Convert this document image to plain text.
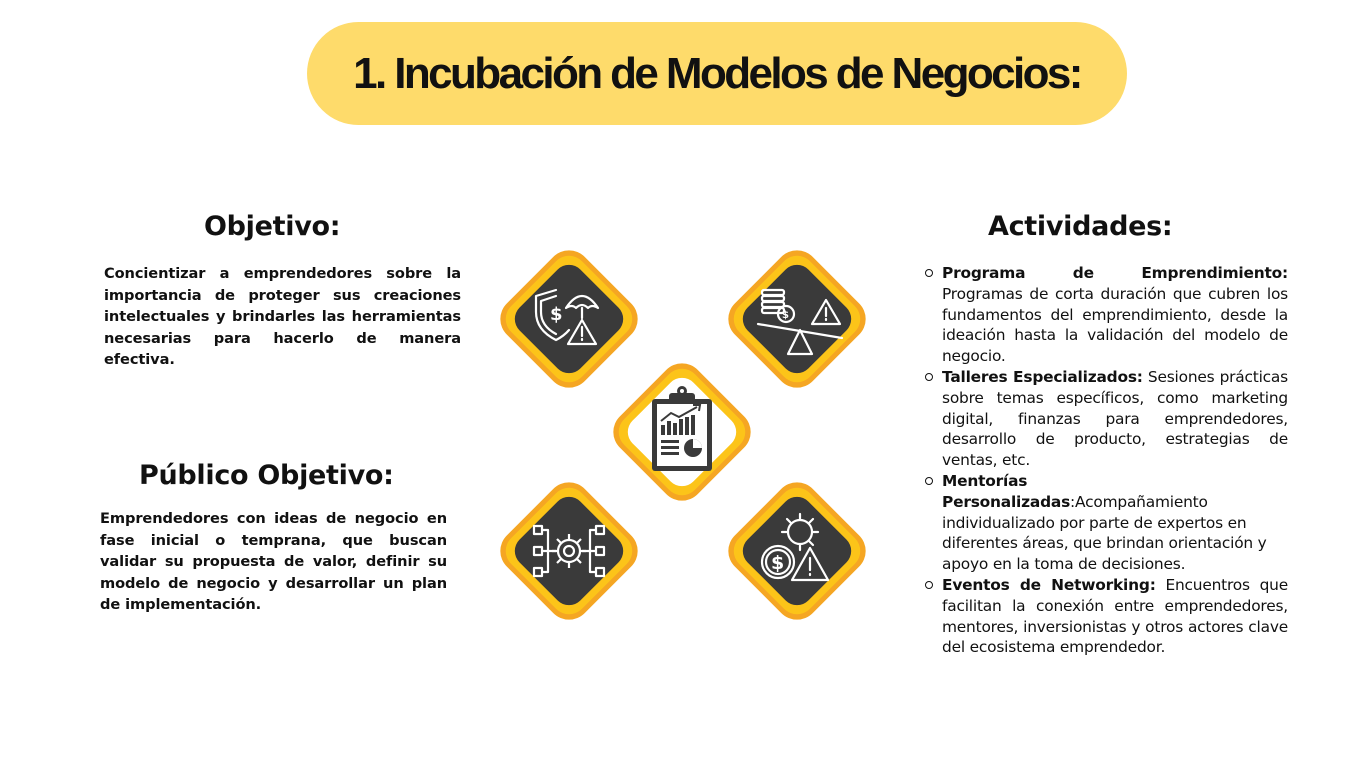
1. Incubación de Modelos de Negocios:
Objetivo:

Concientizar a emprendedores sobre la importancia de proteger sus creaciones intelectuales y brindarles las herramientas necesarias para hacerlo de manera efectiva.

Público Objetivo:

Emprendedores con ideas de negocio en fase inicial o temprana, que buscan validar su propuesta de valor, definir su modelo de negocio y desarrollar un plan de implementación.

$	$
$
Actividades:
Programa de Emprendimiento: Programas de corta duración que cubren los fundamentos del emprendimiento, desde la ideación hasta la validación del modelo de negocio.
Talleres Especializados: Sesiones prácticas sobre temas específicos, como marketing digital, finanzas para emprendedores, desarrollo de producto, estrategias de ventas, etc.
Mentorías Personalizadas:Acompañamiento individualizado por parte de expertos en diferentes áreas, que brindan orientación y apoyo en la toma de decisiones.
Eventos de Networking: Encuentros que facilitan la conexión entre emprendedores, mentores, inversionistas y otros actores clave del ecosistema emprendedor.
